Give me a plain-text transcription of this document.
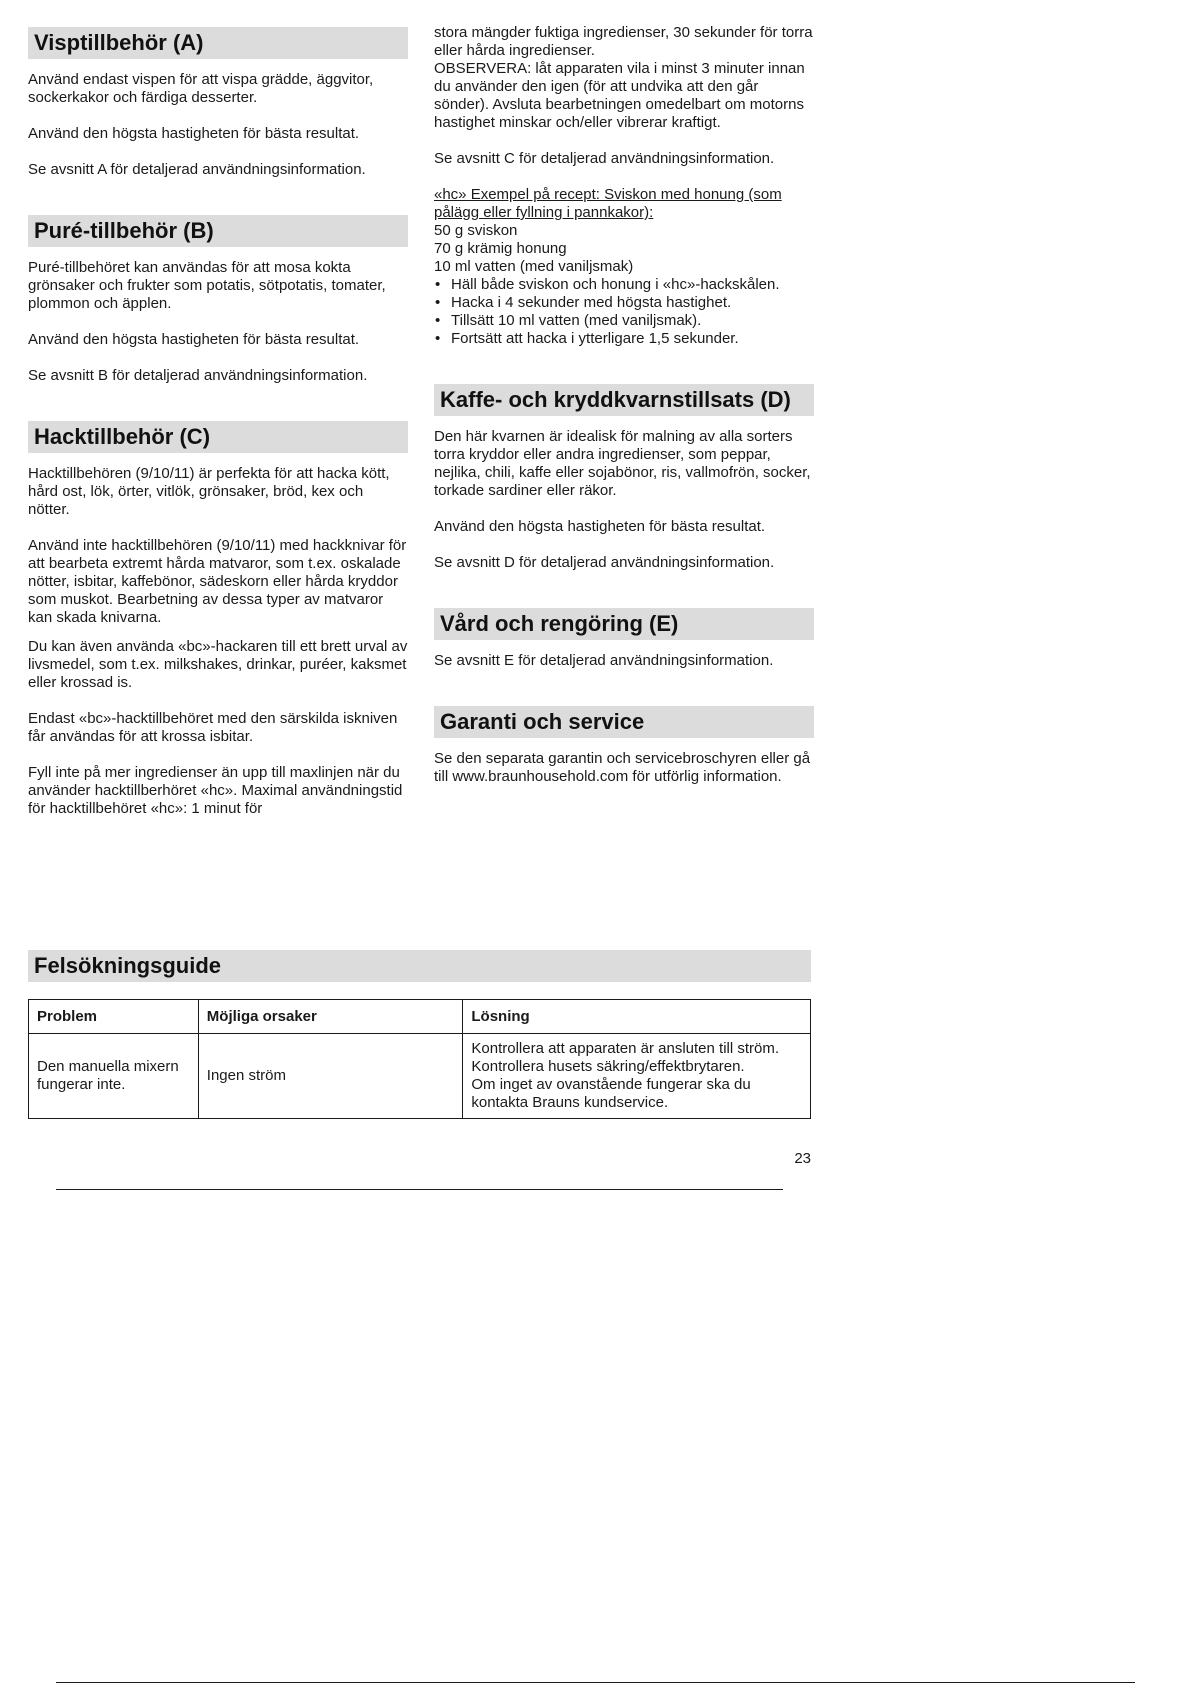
Visptillbehör (A)

Använd endast vispen för att vispa grädde, äggvitor, sockerkakor och färdiga desserter.

Använd den högsta hastigheten för bästa resultat.

Se avsnitt A för detaljerad användningsinformation.

Puré-tillbehör (B)

Puré-tillbehöret kan användas för att mosa kokta grönsaker och frukter som potatis, sötpotatis, tomater, plommon och äpplen.

Använd den högsta hastigheten för bästa resultat.

Se avsnitt B för detaljerad användningsinformation.

Hacktillbehör (C)

Hacktillbehören (9/10/11) är perfekta för att hacka kött, hård ost, lök, örter, vitlök, grönsaker, bröd, kex och nötter.

Använd inte hacktillbehören (9/10/11) med hackknivar för att bearbeta extremt hårda matvaror, som t.ex. oskalade nötter, isbitar, kaffebönor, sädeskorn eller hårda kryddor som muskot. Bearbetning av dessa typer av matvaror kan skada knivarna.

Du kan även använda «bc»-hackaren till ett brett urval av livsmedel, som t.ex. milkshakes, drinkar, puréer, kaksmet eller krossad is.

Endast «bc»-hacktillbehöret med den särskilda iskniven får användas för att krossa isbitar.

Fyll inte på mer ingredienser än upp till maxlinjen när du använder hacktillberhöret «hc». Maximal användningstid för hacktillbehöret «hc»: 1 minut för

stora mängder fuktiga ingredienser, 30 sekunder för torra eller hårda ingredienser.

OBSERVERA: låt apparaten vila i minst 3 minuter innan du använder den igen (för att undvika att den går sönder). Avsluta bearbetningen omedelbart om motorns hastighet minskar och/eller vibrerar kraftigt.

Se avsnitt C för detaljerad användningsinformation.

«hc» Exempel på recept: Sviskon med honung (som pålägg eller fyllning i pannkakor):

50 g sviskon
70 g krämig honung
10 ml vatten (med vaniljsmak)
• Häll både sviskon och honung i «hc»-hackskålen.
• Hacka i 4 sekunder med högsta hastighet.
• Tillsätt 10 ml vatten (med vaniljsmak).
• Fortsätt att hacka i ytterligare 1,5 sekunder.
Kaffe- och kryddkvarnstillsats (D)

Den här kvarnen är idealisk för malning av alla sorters torra kryddor eller andra ingredienser, som peppar, nejlika, chili, kaffe eller sojabönor, ris, vallmofrön, socker, torkade sardiner eller räkor.

Använd den högsta hastigheten för bästa resultat.

Se avsnitt D för detaljerad användningsinformation.

Vård och rengöring (E)

Se avsnitt E för detaljerad användningsinformation.

Garanti och service

Se den separata garantin och servicebroschyren eller gå till www.braunhousehold.com för utförlig information.

Felsökningsguide
Problem	Möjliga orsaker	Lösning
Den manuella mixern fungerar inte.	Ingen ström	Kontrollera att apparaten är ansluten till ström.
Kontrollera husets säkring/effektbrytaren.
Om inget av ovanstående fungerar ska du kontakta Brauns kundservice.
23
